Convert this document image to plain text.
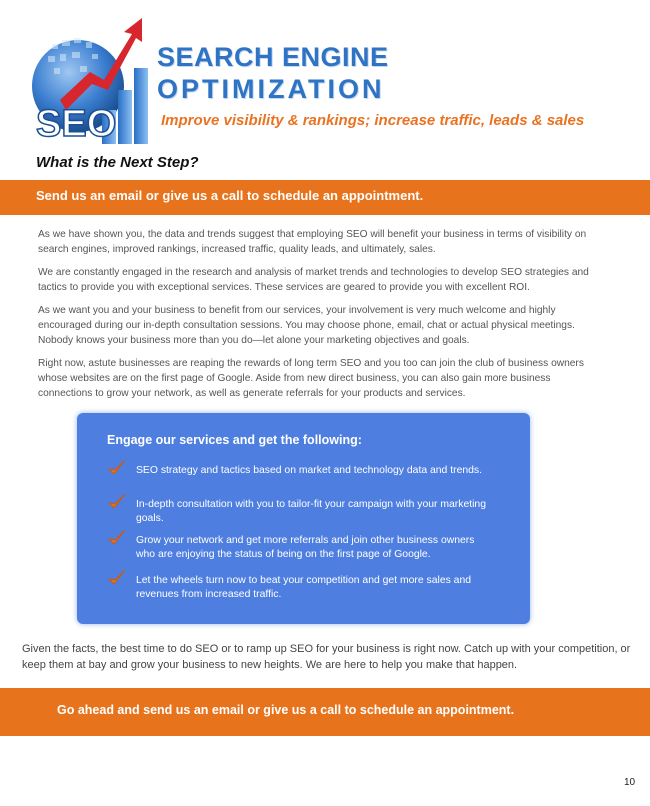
SEO
SEARCH ENGINE
OPTIMIZATION
Improve visibility & rankings; increase traffic, leads & sales
What is the Next Step?
Send us an email or give us a call to schedule an appointment.

As we have shown you, the data and trends suggest that employing SEO will benefit your business in terms of visibility on search engines, improved rankings, increased traffic, quality leads, and ultimately, sales.

We are constantly engaged in the research and analysis of market trends and technologies to develop SEO strategies and tactics to provide you with exceptional services. These services are geared to provide you with excellent ROI.

As we want you and your business to benefit from our services, your involvement is very much welcome and highly encouraged during our in-depth consultation sessions. You may choose phone, email, chat or actual physical meetings. Nobody knows your business more than you do—let alone your marketing objectives and goals.

Right now, astute businesses are reaping the rewards of long term SEO and you too can join the club of business owners whose websites are on the first page of Google. Aside from new direct business, you can also gain more business connections to grow your network, as well as generate referrals for your products and services.

Engage our services and get the following:

SEO strategy and tactics based on market and technology data and trends.

In-depth consultation with you to tailor-fit your campaign with your marketing goals.

Grow your network and get more referrals and join other business owners who are enjoying the status of being on the first page of Google.

Let the wheels turn now to beat your competition and get more sales and revenues from increased traffic.

Given the facts, the best time to do SEO or to ramp up SEO for your business is right now. Catch up with your competition, or keep them at bay and grow your business to new heights. We are here to help you make that happen.

Go ahead and send us an email or give us a call to schedule an appointment.
10
